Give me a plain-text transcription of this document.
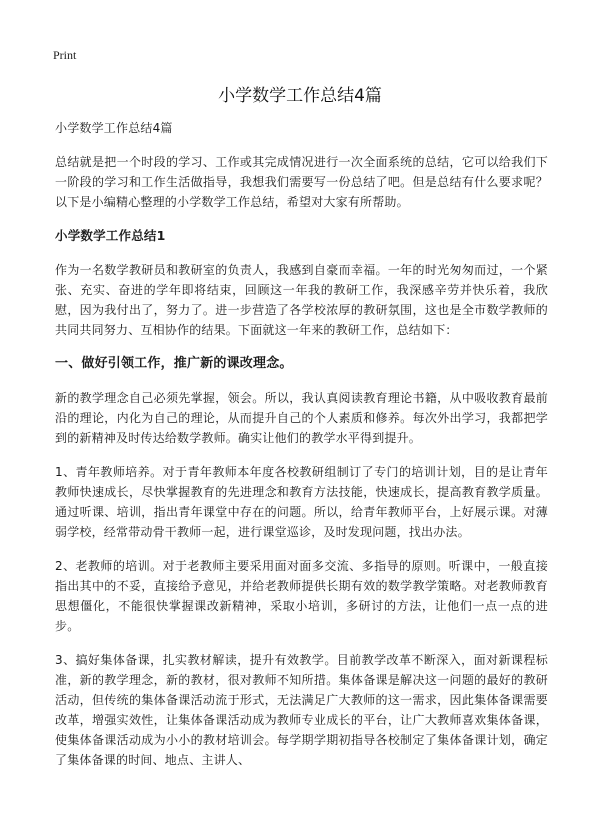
Print
小学数学工作总结4篇

小学数学工作总结4篇

总结就是把一个时段的学习、工作或其完成情况进行一次全面系统的总结，它可以给我们下一阶段的学习和工作生活做指导，我想我们需要写一份总结了吧。但是总结有什么要求呢？以下是小编精心整理的小学数学工作总结，希望对大家有所帮助。

小学数学工作总结1

作为一名数学教研员和教研室的负责人，我感到自豪而幸福。一年的时光匆匆而过，一个紧张、充实、奋进的学年即将结束，回顾这一年我的教研工作，我深感辛劳并快乐着，我欣慰，因为我付出了，努力了。进一步营造了各学校浓厚的教研氛围，这也是全市数学教师的共同共同努力、互相协作的结果。下面就这一年来的教研工作，总结如下：

一、做好引领工作，推广新的课改理念。

新的教学理念自己必须先掌握，领会。所以，我认真阅读教育理论书籍，从中吸收教育最前沿的理论，内化为自己的理论，从而提升自己的个人素质和修养。每次外出学习，我都把学到的新精神及时传达给数学教师。确实让他们的教学水平得到提升。

1、青年教师培养。对于青年教师本年度各校教研组制订了专门的培训计划，目的是让青年教师快速成长，尽快掌握教育的先进理念和教育方法技能，快速成长，提高教育教学质量。通过听课、培训，指出青年课堂中存在的问题。所以，给青年教师平台，上好展示课。对薄弱学校，经常带动骨干教师一起，进行课堂巡诊，及时发现问题，找出办法。

2、老教师的培训。对于老教师主要采用面对面多交流、多指导的原则。听课中，一般直接指出其中的不妥，直接给予意见，并给老教师提供长期有效的数学教学策略。对老教师教育思想僵化，不能很快掌握课改新精神，采取小培训，多研讨的方法，让他们一点一点的进步。

3、搞好集体备课，扎实教材解读，提升有效教学。目前教学改革不断深入，面对新课程标准，新的教学理念，新的教材，很对教师不知所措。集体备课是解决这一问题的最好的教研活动，但传统的集体备课活动流于形式，无法满足广大教师的这一需求，因此集体备课需要改革，增强实效性，让集体备课活动成为教师专业成长的平台，让广大教师喜欢集体备课，使集体备课活动成为小小的教材培训会。每学期学期初指导各校制定了集体备课计划，确定了集体备课的时间、地点、主讲人、
